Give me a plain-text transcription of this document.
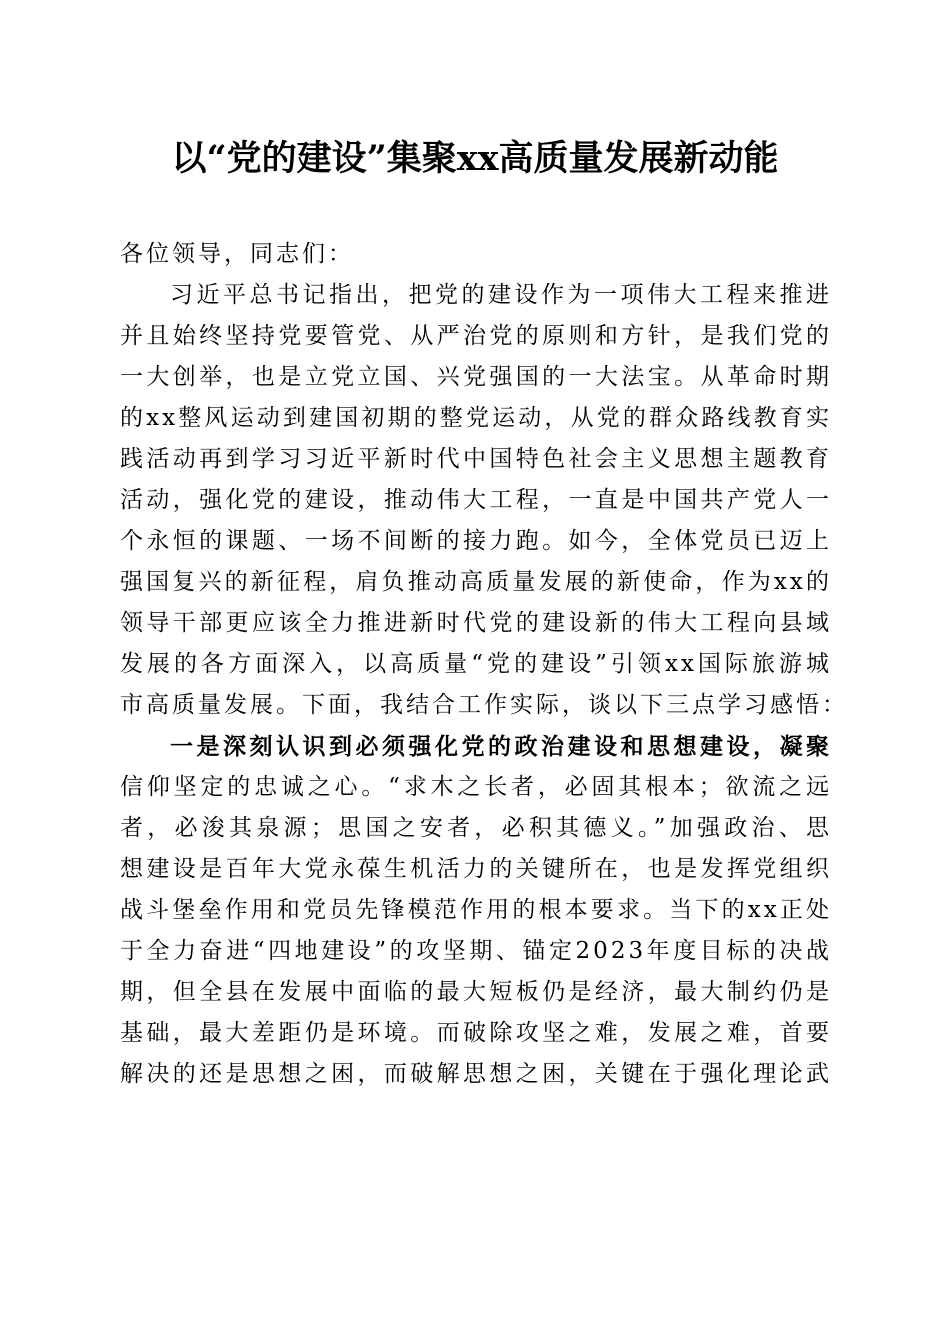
以“党的建设”集聚xx高质量发展新动能
各位领导，同志们：
习近平总书记指出，把党的建设作为一项伟大工程来推进
并且始终坚持党要管党、从严治党的原则和方针，是我们党的
一大创举，也是立党立国、兴党强国的一大法宝。从革命时期
的xx整风运动到建国初期的整党运动，从党的群众路线教育实
践活动再到学习习近平新时代中国特色社会主义思想主题教育
活动，强化党的建设，推动伟大工程，一直是中国共产党人一
个永恒的课题、一场不间断的接力跑。如今，全体党员已迈上
强国复兴的新征程，肩负推动高质量发展的新使命，作为xx的
领导干部更应该全力推进新时代党的建设新的伟大工程向县域
发展的各方面深入，以高质量“党的建设”引领xx国际旅游城
市高质量发展。下面，我结合工作实际，谈以下三点学习感悟：
一是深刻认识到必须强化党的政治建设和思想建设，凝聚
信仰坚定的忠诚之心。“求木之长者，必固其根本；欲流之远
者，必浚其泉源；思国之安者，必积其德义。”加强政治、思
想建设是百年大党永葆生机活力的关键所在，也是发挥党组织
战斗堡垒作用和党员先锋模范作用的根本要求。当下的xx正处
于全力奋进“四地建设”的攻坚期、锚定2023年度目标的决战
期，但全县在发展中面临的最大短板仍是经济，最大制约仍是
基础，最大差距仍是环境。而破除攻坚之难，发展之难，首要
解决的还是思想之困，而破解思想之困，关键在于强化理论武
